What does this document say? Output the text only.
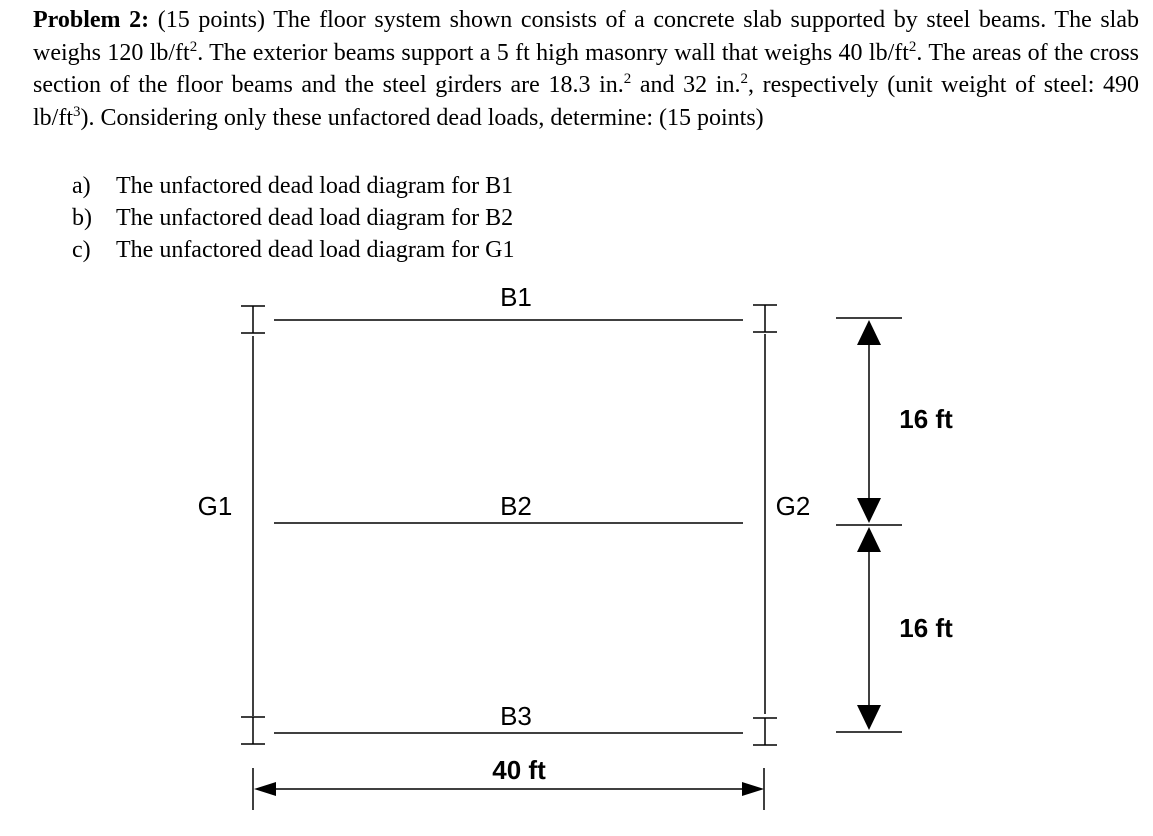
Problem 2: (15 points) The floor system shown consists of a concrete slab supported by steel beams. The slab weighs 120 $lb/ft^2$. The exterior beams support a 5 ft high masonry wall that weighs 40 $lb/ft^2$. The areas of the cross section of the floor beams and the steel girders are 18.3 in.$^2$ and 32 in.$^2$, respectively (unit weight of steel: 490 $lb/ft^3$). Considering only these unfactored dead loads, determine: (15 points)
a) The unfactored dead load diagram for B1
b) The unfactored dead load diagram for B2
c) The unfactored dead load diagram for G1
B1
B2
B3
G1	G2
40 ft
16 ft
16 ft
